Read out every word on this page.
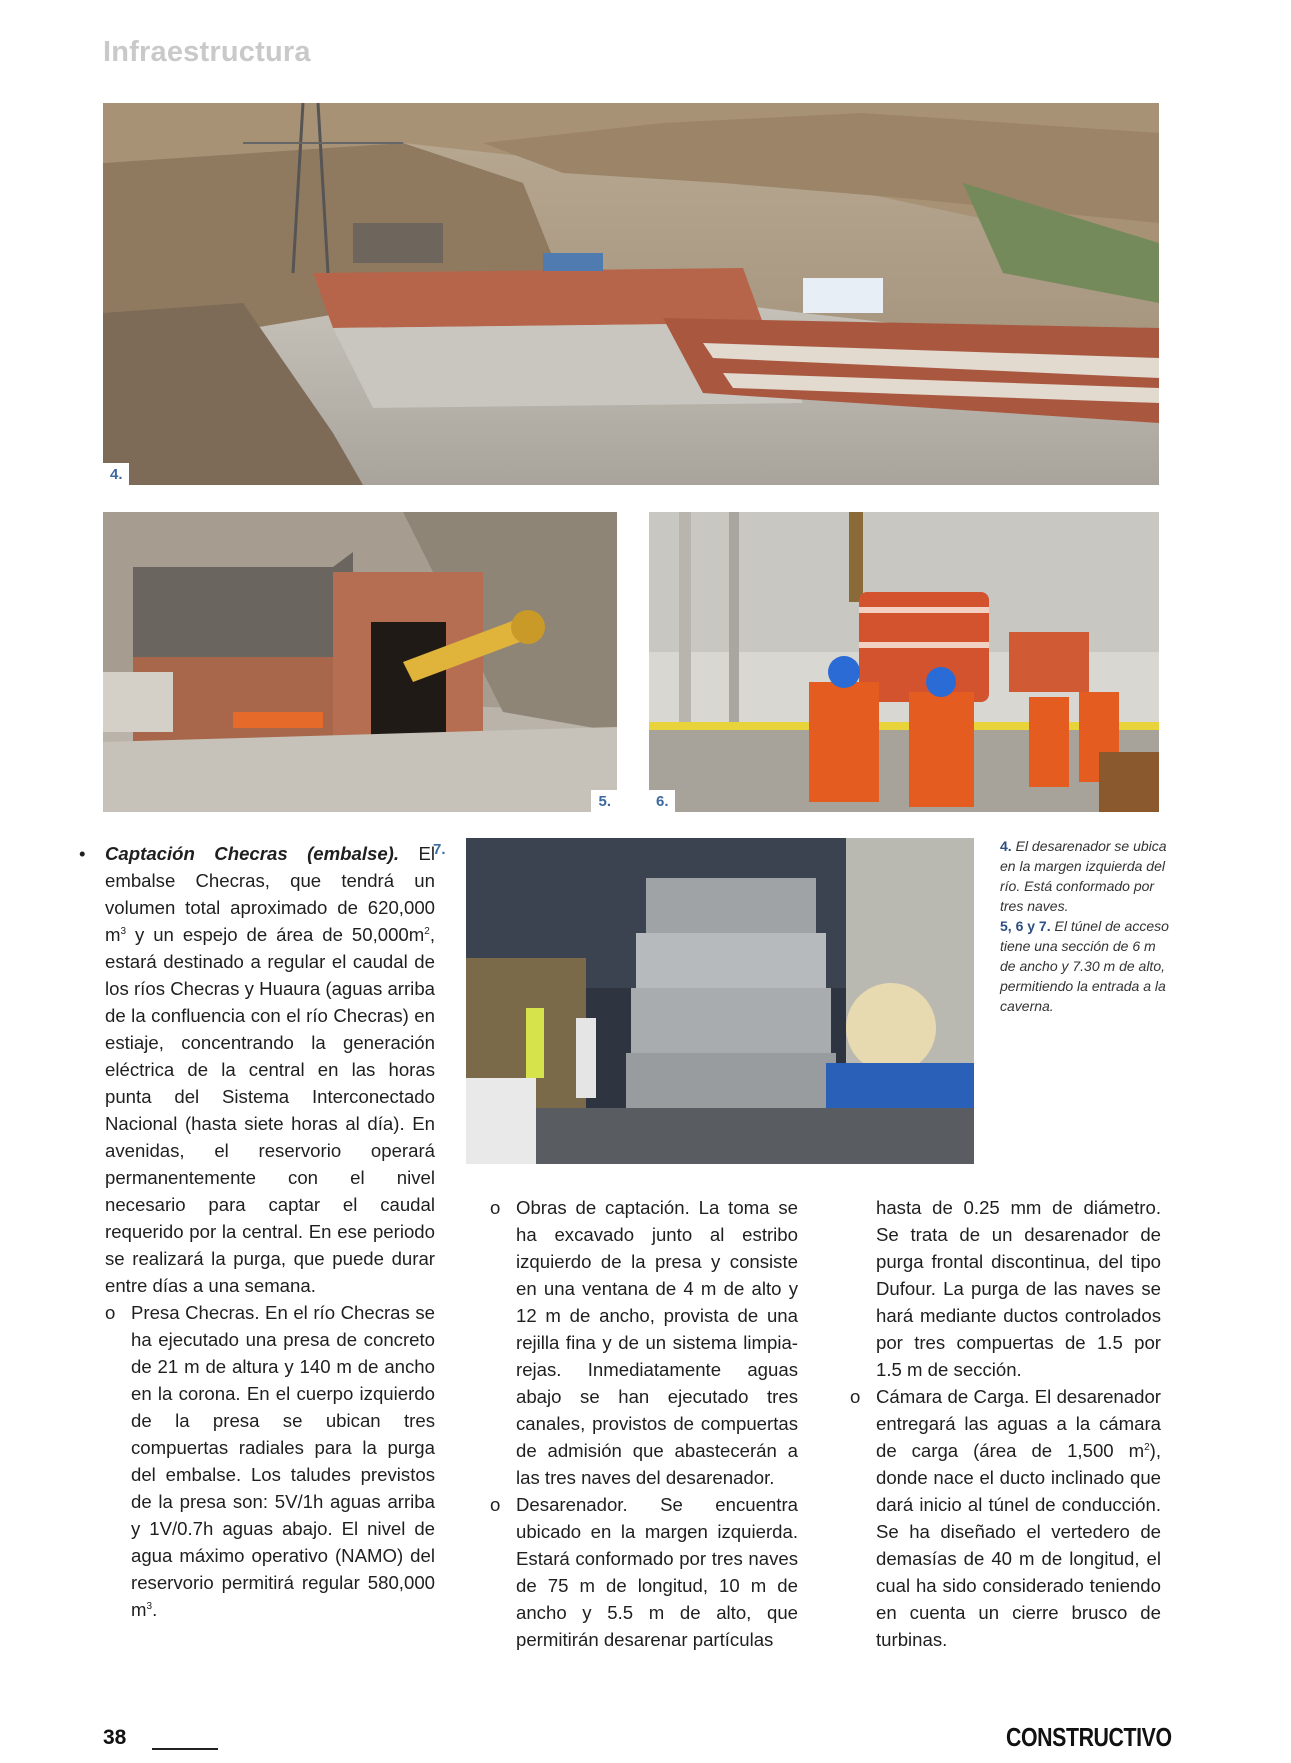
Infraestructura
4.
5.	6.
7.	4. El desarenador se ubica en la margen izquierda del río. Está conformado por tres naves.

5, 6 y 7. El túnel de acceso tiene una sección de 6 m de ancho y 7.30 m de alto, permitiendo la entrada a la caverna.

• Captación Checras (embalse). El embalse Checras, que tendrá un volumen total aproximado de 620,000 $m^3$ y un espejo de área de $50,000m^2$, estará destinado a regular el caudal de los ríos Checras y Huaura (aguas arriba de la confluencia con el río Checras) en estiaje, concentrando la generación eléctrica de la central en las horas punta del Sistema Interconectado Nacional (hasta siete horas al día). En avenidas, el reservorio operará permanentemente con el nivel necesario para captar el caudal requerido por la central. En ese periodo se realizará la purga, que puede durar entre días a una semana.
o Presa Checras. En el río Checras se ha ejecutado una presa de concreto de 21 m de altura y 140 m de ancho en la corona. En el cuerpo izquierdo de la presa se ubican tres compuertas radiales para la purga del embalse. Los taludes previstos de la presa son: 5V/1h aguas arriba y 1V/0.7h aguas abajo. El nivel de agua máximo operativo (NAMO) del reservorio permitirá regular 580,000 $m^3$.
o Obras de captación. La toma se ha excavado junto al estribo izquierdo de la presa y consiste en una ventana de 4 m de alto y 12 m de ancho, provista de una rejilla fina y de un sistema limpia-rejas. Inmediatamente aguas abajo se han ejecutado tres canales, provistos de compuertas de admisión que abastecerán a las tres naves del desarenador.
o Desarenador. Se encuentra ubicado en la margen izquierda. Estará conformado por tres naves de 75 m de longitud, 10 m de ancho y 5.5 m de alto, que permitirán desarenar partículas
hasta de 0.25 mm de diámetro. Se trata de un desarenador de purga frontal discontinua, del tipo Dufour. La purga de las naves se hará mediante ductos controlados por tres compuertas de 1.5 por 1.5 m de sección.
o Cámara de Carga. El desarenador entregará las aguas a la cámara de carga (área de 1,500 $m^2$), donde nace el ducto inclinado que dará inicio al túnel de conducción. Se ha diseñado el vertedero de demasías de 40 m de longitud, el cual ha sido considerado teniendo en cuenta un cierre brusco de turbinas.
38	CONSTRUCTIVO
